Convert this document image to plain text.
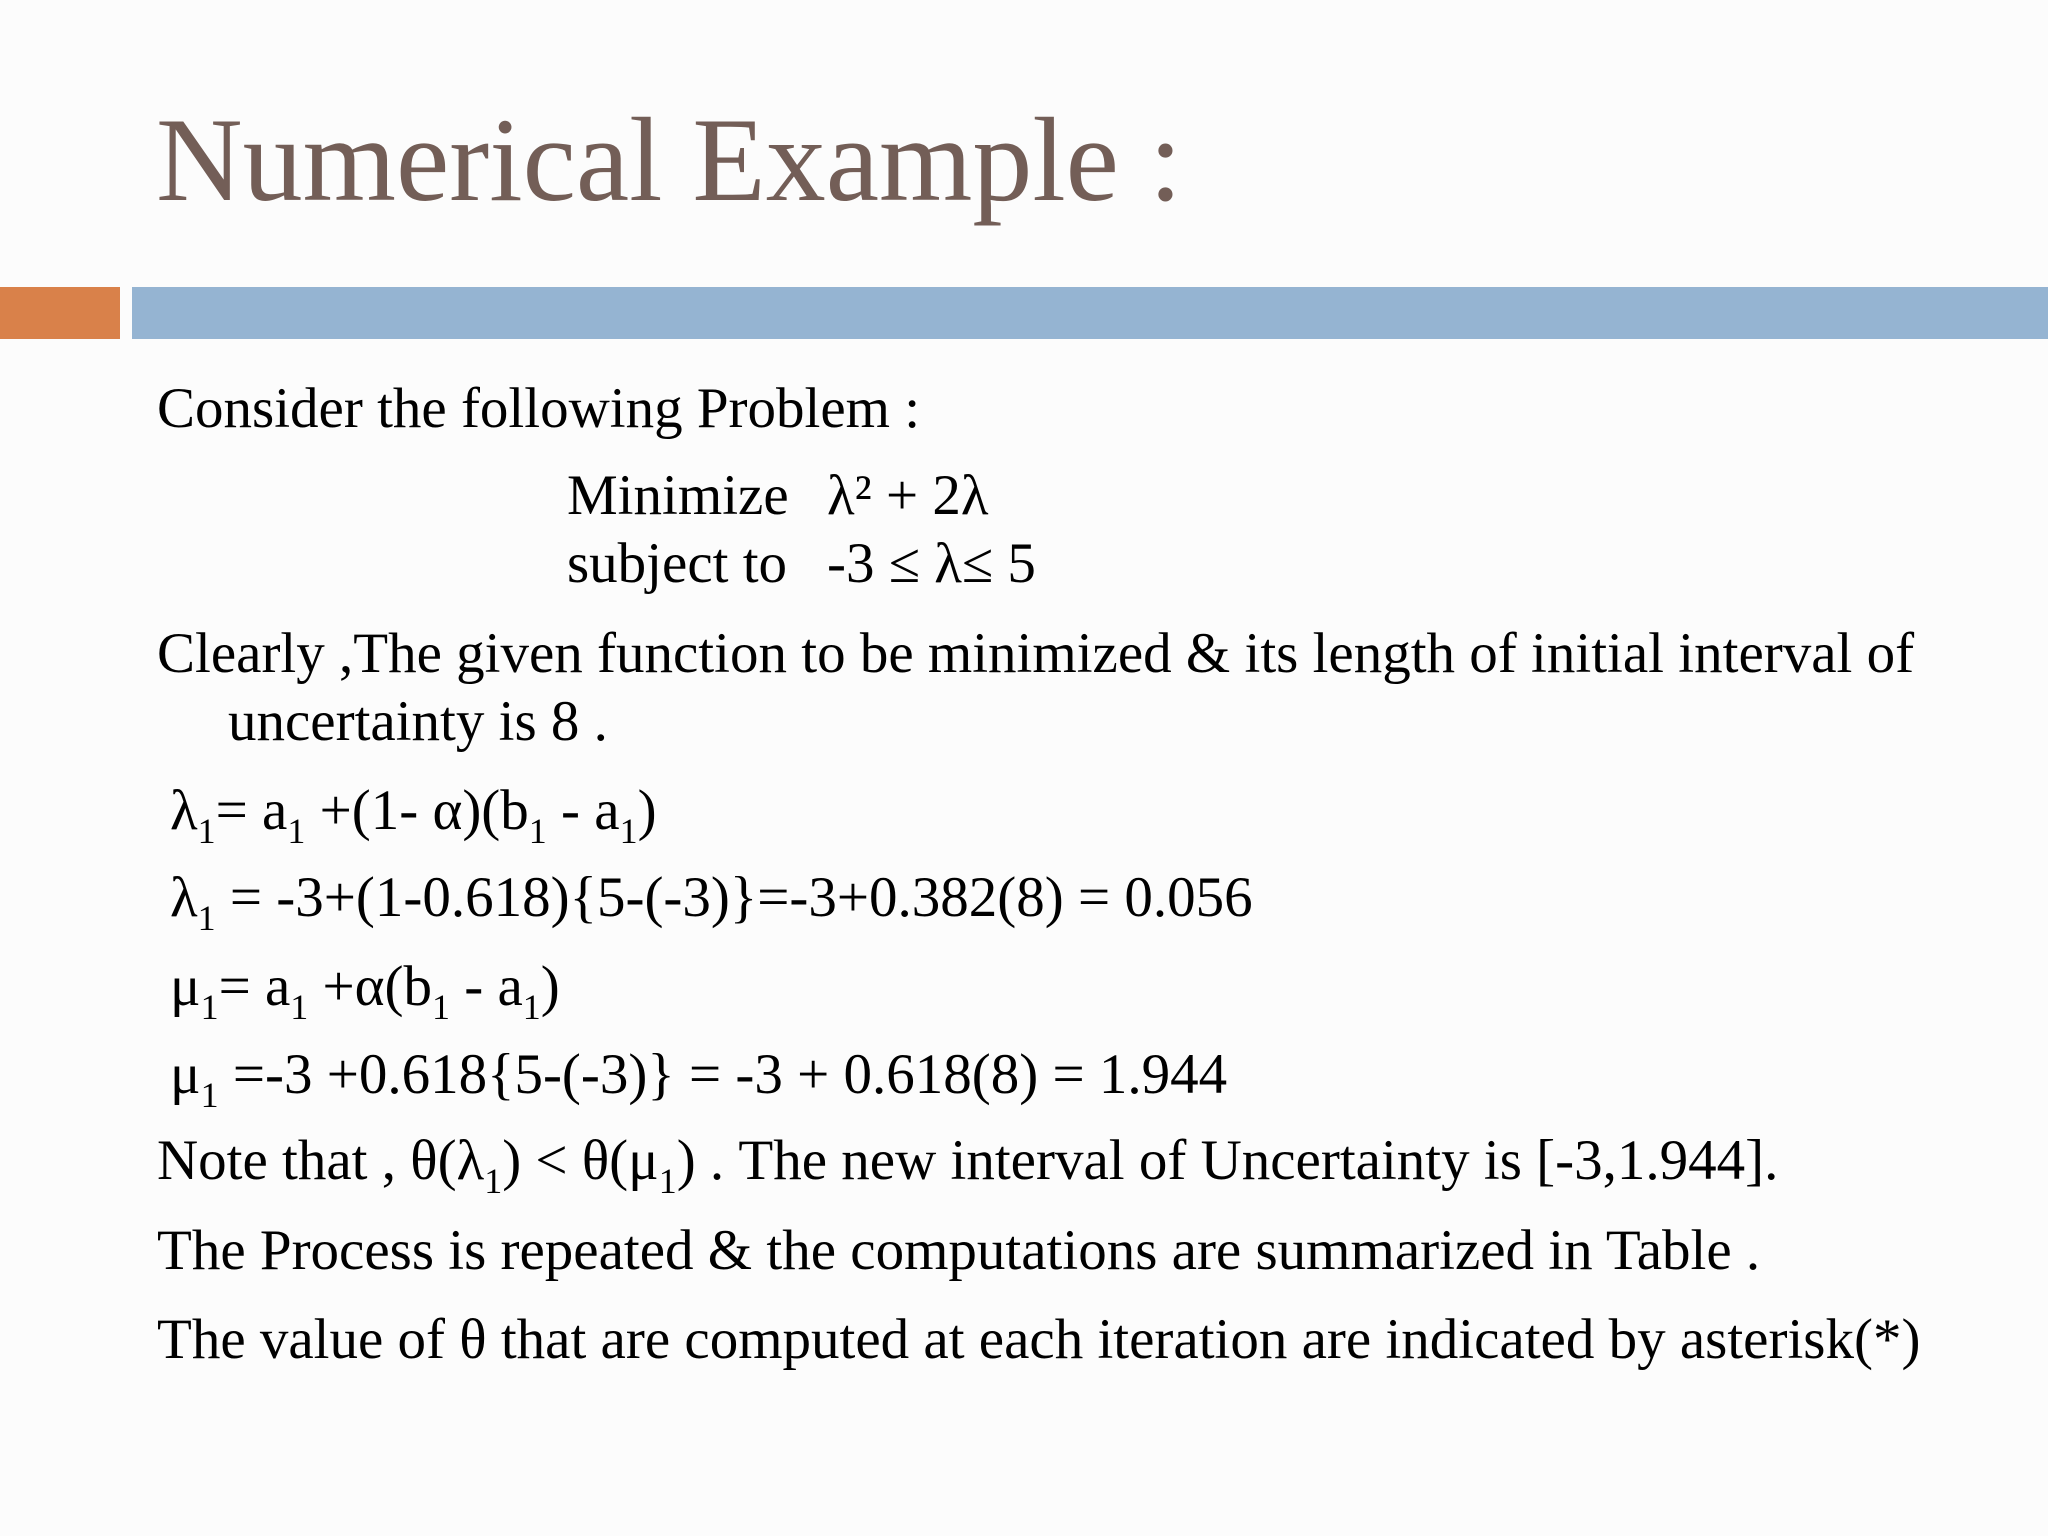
Numerical Example :
Consider the following Problem :
Minimize λ² + 2λ
subject to -3 ≤ λ≤ 5
Clearly ,The given function to be minimized & its length of initial interval of
uncertainty is 8 .
$\lambda_1= a_1 +(1-$ $\alpha)(b_1 - a_1)$
$\lambda_1 = -3+(1-0.618)\{5-(-3)\}=-3+0.382(8) = 0.056$
$\mu_1= a_1 +\alpha(b_1 - a_1)$
$\mu_1 =-3 +0.618\{5-(-3)\} = -3 + 0.618(8) = 1.944$
Note that , $\theta(\lambda_1) < \theta(\mu_1)$ . The new interval of Uncertainty is [-3,1.944].
The Process is repeated & the computations are summarized in Table .
The value of θ that are computed at each iteration are indicated by asterisk(*)
